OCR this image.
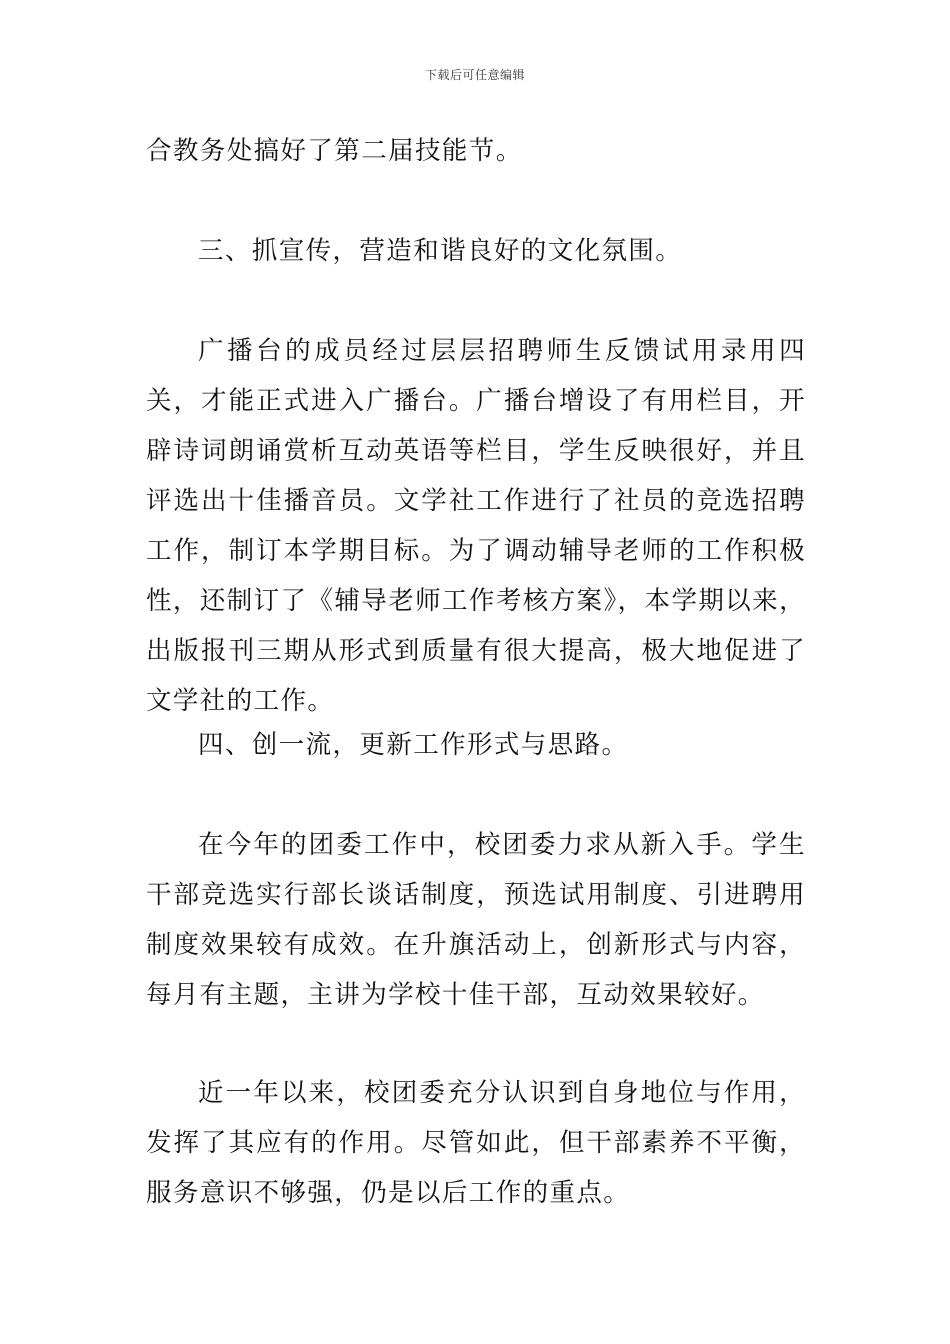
下载后可任意编辑

合教务处搞好了第二届技能节。

三、抓宣传，营造和谐良好的文化氛围。

广播台的成员经过层层招聘师生反馈试用录用四关，才能正式进入广播台。广播台增设了有用栏目，开辟诗词朗诵赏析互动英语等栏目，学生反映很好，并且评选出十佳播音员。文学社工作进行了社员的竞选招聘工作，制订本学期目标。为了调动辅导老师的工作积极性，还制订了《辅导老师工作考核方案》，本学期以来，出版报刊三期从形式到质量有很大提高，极大地促进了文学社的工作。

四、创一流，更新工作形式与思路。

在今年的团委工作中，校团委力求从新入手。学生干部竞选实行部长谈话制度，预选试用制度、引进聘用制度效果较有成效。在升旗活动上，创新形式与内容，每月有主题，主讲为学校十佳干部，互动效果较好。

近一年以来，校团委充分认识到自身地位与作用，发挥了其应有的作用。尽管如此，但干部素养不平衡，服务意识不够强，仍是以后工作的重点。
